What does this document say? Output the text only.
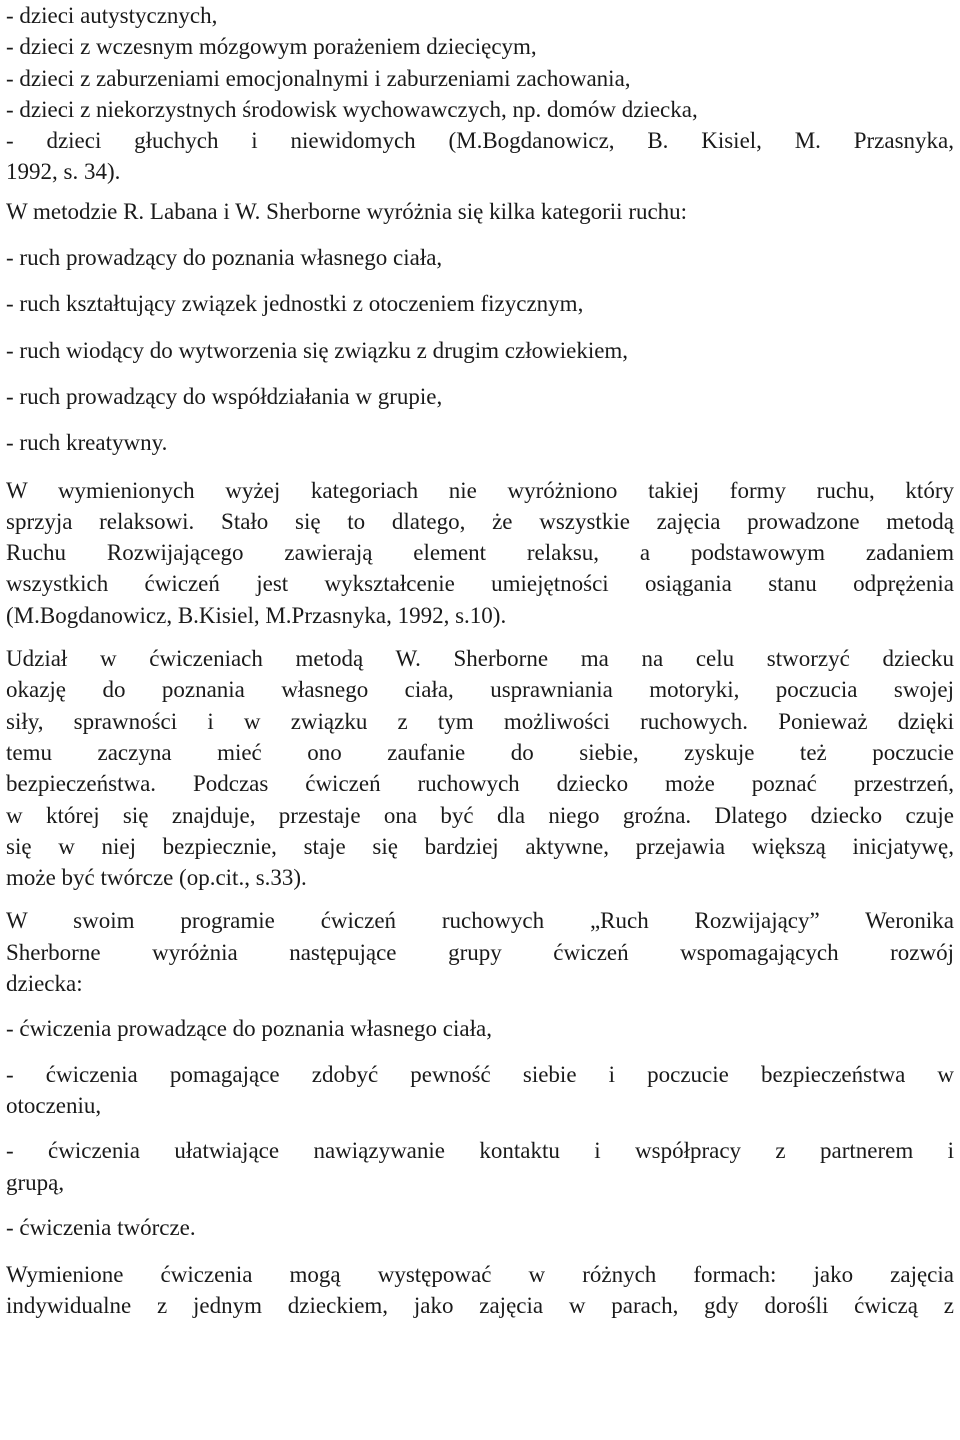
- dzieci autystycznych,
- dzieci z wczesnym mózgowym porażeniem dziecięcym,
- dzieci z zaburzeniami emocjonalnymi i zaburzeniami zachowania,
- dzieci z niekorzystnych środowisk wychowawczych, np. domów dziecka,
- dzieci głuchych i niewidomych (M.Bogdanowicz, B. Kisiel, M. Przasnyka,
1992, s. 34).
W metodzie R. Labana i W. Sherborne wyróżnia się kilka kategorii ruchu:
- ruch prowadzący do poznania własnego ciała,
- ruch kształtujący związek jednostki z otoczeniem fizycznym,
- ruch wiodący do wytworzenia się związku z drugim człowiekiem,
- ruch prowadzący do współdziałania w grupie,
- ruch kreatywny.
W wymienionych wyżej kategoriach nie wyróżniono takiej formy ruchu, który
sprzyja relaksowi. Stało się to dlatego, że wszystkie zajęcia prowadzone metodą
Ruchu Rozwijającego zawierają element relaksu, a podstawowym zadaniem
wszystkich ćwiczeń jest wykształcenie umiejętności osiągania stanu odprężenia
(M.Bogdanowicz, B.Kisiel, M.Przasnyka, 1992, s.10).
Udział w ćwiczeniach metodą W. Sherborne ma na celu stworzyć dziecku
okazję do poznania własnego ciała, usprawniania motoryki, poczucia swojej
siły, sprawności i w związku z tym możliwości ruchowych. Ponieważ dzięki
temu zaczyna mieć ono zaufanie do siebie, zyskuje też poczucie
bezpieczeństwa. Podczas ćwiczeń ruchowych dziecko może poznać przestrzeń,
w której się znajduje, przestaje ona być dla niego groźna. Dlatego dziecko czuje
się w niej bezpiecznie, staje się bardziej aktywne, przejawia większą inicjatywę,
może być twórcze (op.cit., s.33).
W swoim programie ćwiczeń ruchowych „Ruch Rozwijający” Weronika
Sherborne wyróżnia następujące grupy ćwiczeń wspomagających rozwój
dziecka:
- ćwiczenia prowadzące do poznania własnego ciała,
- ćwiczenia pomagające zdobyć pewność siebie i poczucie bezpieczeństwa w
otoczeniu,
- ćwiczenia ułatwiające nawiązywanie kontaktu i współpracy z partnerem i
grupą,
- ćwiczenia twórcze.
Wymienione ćwiczenia mogą występować w różnych formach: jako zajęcia
indywidualne z jednym dzieckiem, jako zajęcia w parach, gdy dorośli ćwiczą z
